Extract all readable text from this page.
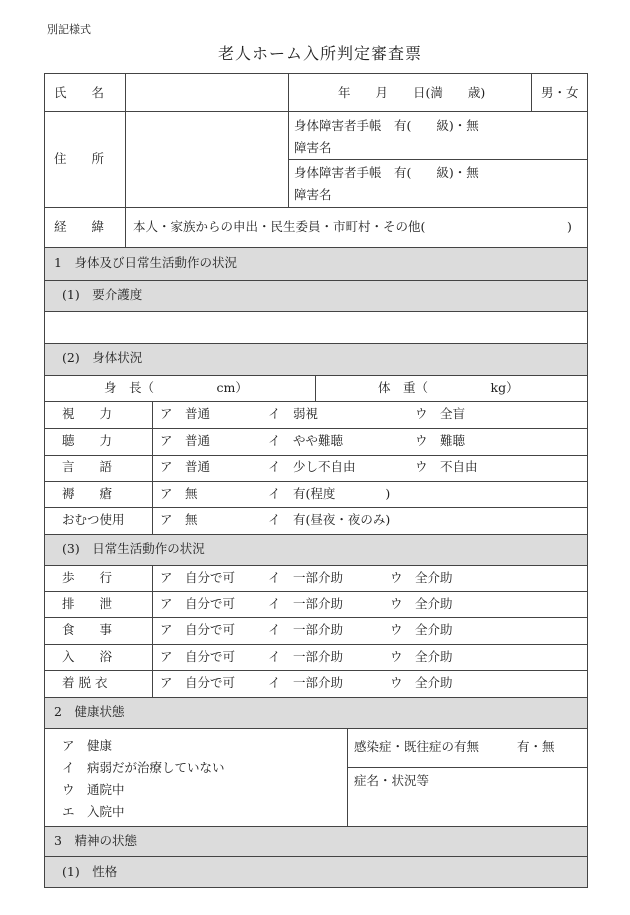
別記様式
老人ホーム入所判定審査票
氏　　名	年　　月　　日(満　　歳)	男・女
住　　所
身体障害者手帳　有(　　級)・無
障害名
身体障害者手帳　有(　　級)・無
障害名
経　　緯 本人・家族からの申出・民生委員・市町村・その他(	)
1　身体及び日常生活動作の状況
(1)　要介護度
(2)　身体状況
身　長（　　　　　cm）	体　重（　　　　　kg）
視　　力	ア　普通	イ　弱視	ウ　全盲
聴　　力	ア　普通	イ　やや難聴	ウ　難聴
言　　語	ア　普通	イ　少し不自由	ウ　不自由
褥　　瘡	ア　無	イ　有(程度　　　　)
おむつ使用	ア　無	イ　有(昼夜・夜のみ)
(3)　日常生活動作の状況
歩　　行	ア　自分で可	イ　一部介助	ウ　全介助
排　　泄	ア　自分で可	イ　一部介助	ウ　全介助
食　　事	ア　自分で可	イ　一部介助	ウ　全介助
入　　浴	ア　自分で可	イ　一部介助	ウ　全介助
着 脱 衣	ア　自分で可	イ　一部介助	ウ　全介助
2　健康状態
ア　健康
イ　病弱だが治療していない
ウ　通院中
エ　入院中
感染症・既往症の有無	有・無
症名・状況等
3　精神の状態
(1)　性格
